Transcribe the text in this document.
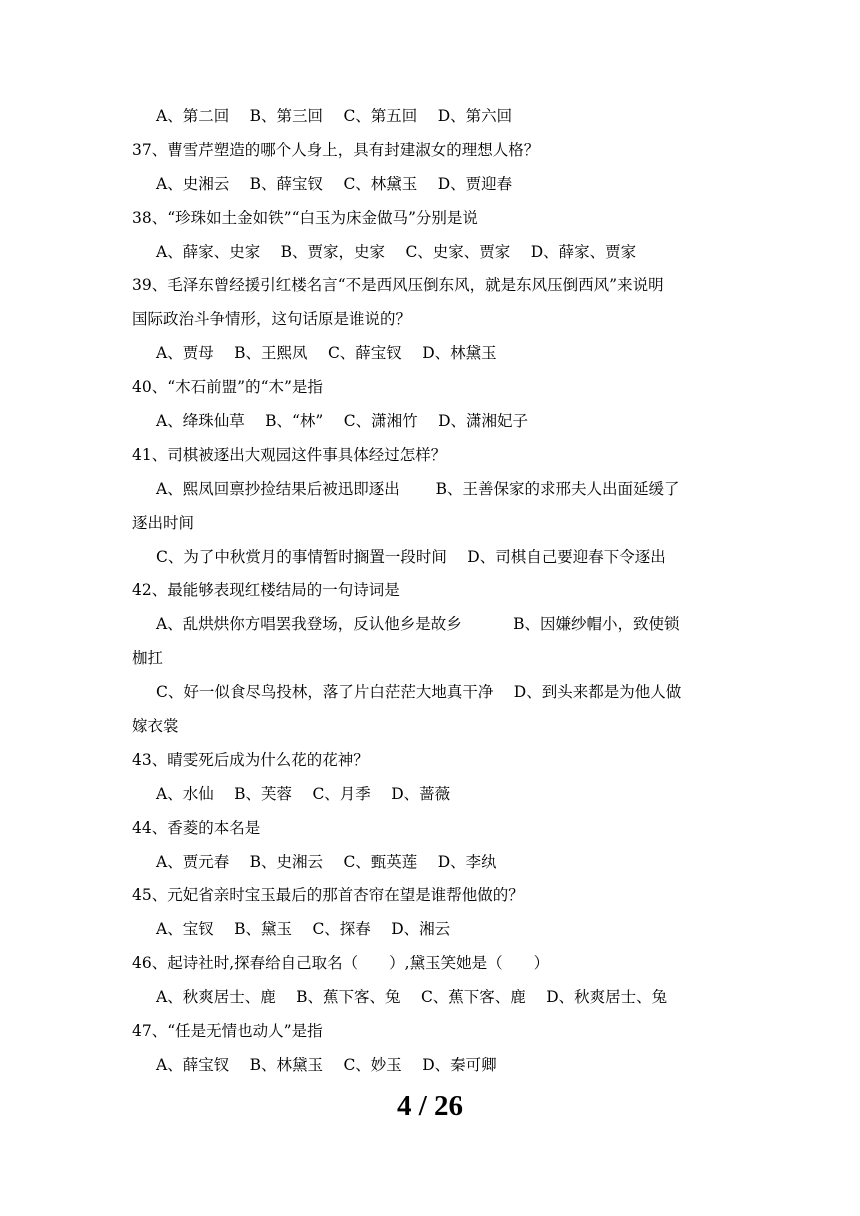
A、第二回　 B、第三回　 C、第五回　 D、第六回
37、曹雪芹塑造的哪个人身上，具有封建淑女的理想人格？
A、史湘云　 B、薛宝钗　 C、林黛玉　 D、贾迎春
38、“珍珠如土金如铁”“白玉为床金做马”分别是说
A、薛家、史家　 B、贾家，史家　 C、史家、贾家　 D、薛家、贾家
39、毛泽东曾经援引红楼名言“不是西风压倒东风，就是东风压倒西风”来说明
国际政治斗争情形，这句话原是谁说的？
A、贾母　 B、王熙凤　 C、薛宝钗　 D、林黛玉
40、“木石前盟”的“木”是指
A、绛珠仙草　 B、“林”　 C、潇湘竹　 D、潇湘妃子
41、司棋被逐出大观园这件事具体经过怎样？
A、熙凤回禀抄捡结果后被迅即逐出　　 B、王善保家的求邢夫人出面延缓了
逐出时间
C、为了中秋赏月的事情暂时搁置一段时间　 D、司棋自己要迎春下令逐出
42、最能够表现红楼结局的一句诗词是
A、乱烘烘你方唱罢我登场，反认他乡是故乡　　　 B、因嫌纱帽小，致使锁
枷扛
C、好一似食尽鸟投林，落了片白茫茫大地真干净　 D、到头来都是为他人做
嫁衣裳
43、晴雯死后成为什么花的花神？
A、水仙　 B、芙蓉　 C、月季　 D、蔷薇
44、香菱的本名是
A、贾元春　 B、史湘云　 C、甄英莲　 D、李纨
45、元妃省亲时宝玉最后的那首杏帘在望是谁帮他做的？
A、宝钗　 B、黛玉　 C、探春　 D、湘云
46、起诗社时,探春给自己取名（　　）,黛玉笑她是（　　）
A、秋爽居士、鹿　 B、蕉下客、兔　 C、蕉下客、鹿　 D、秋爽居士、兔
47、“任是无情也动人”是指
A、薛宝钗　 B、林黛玉　 C、妙玉　 D、秦可卿
4 / 26
